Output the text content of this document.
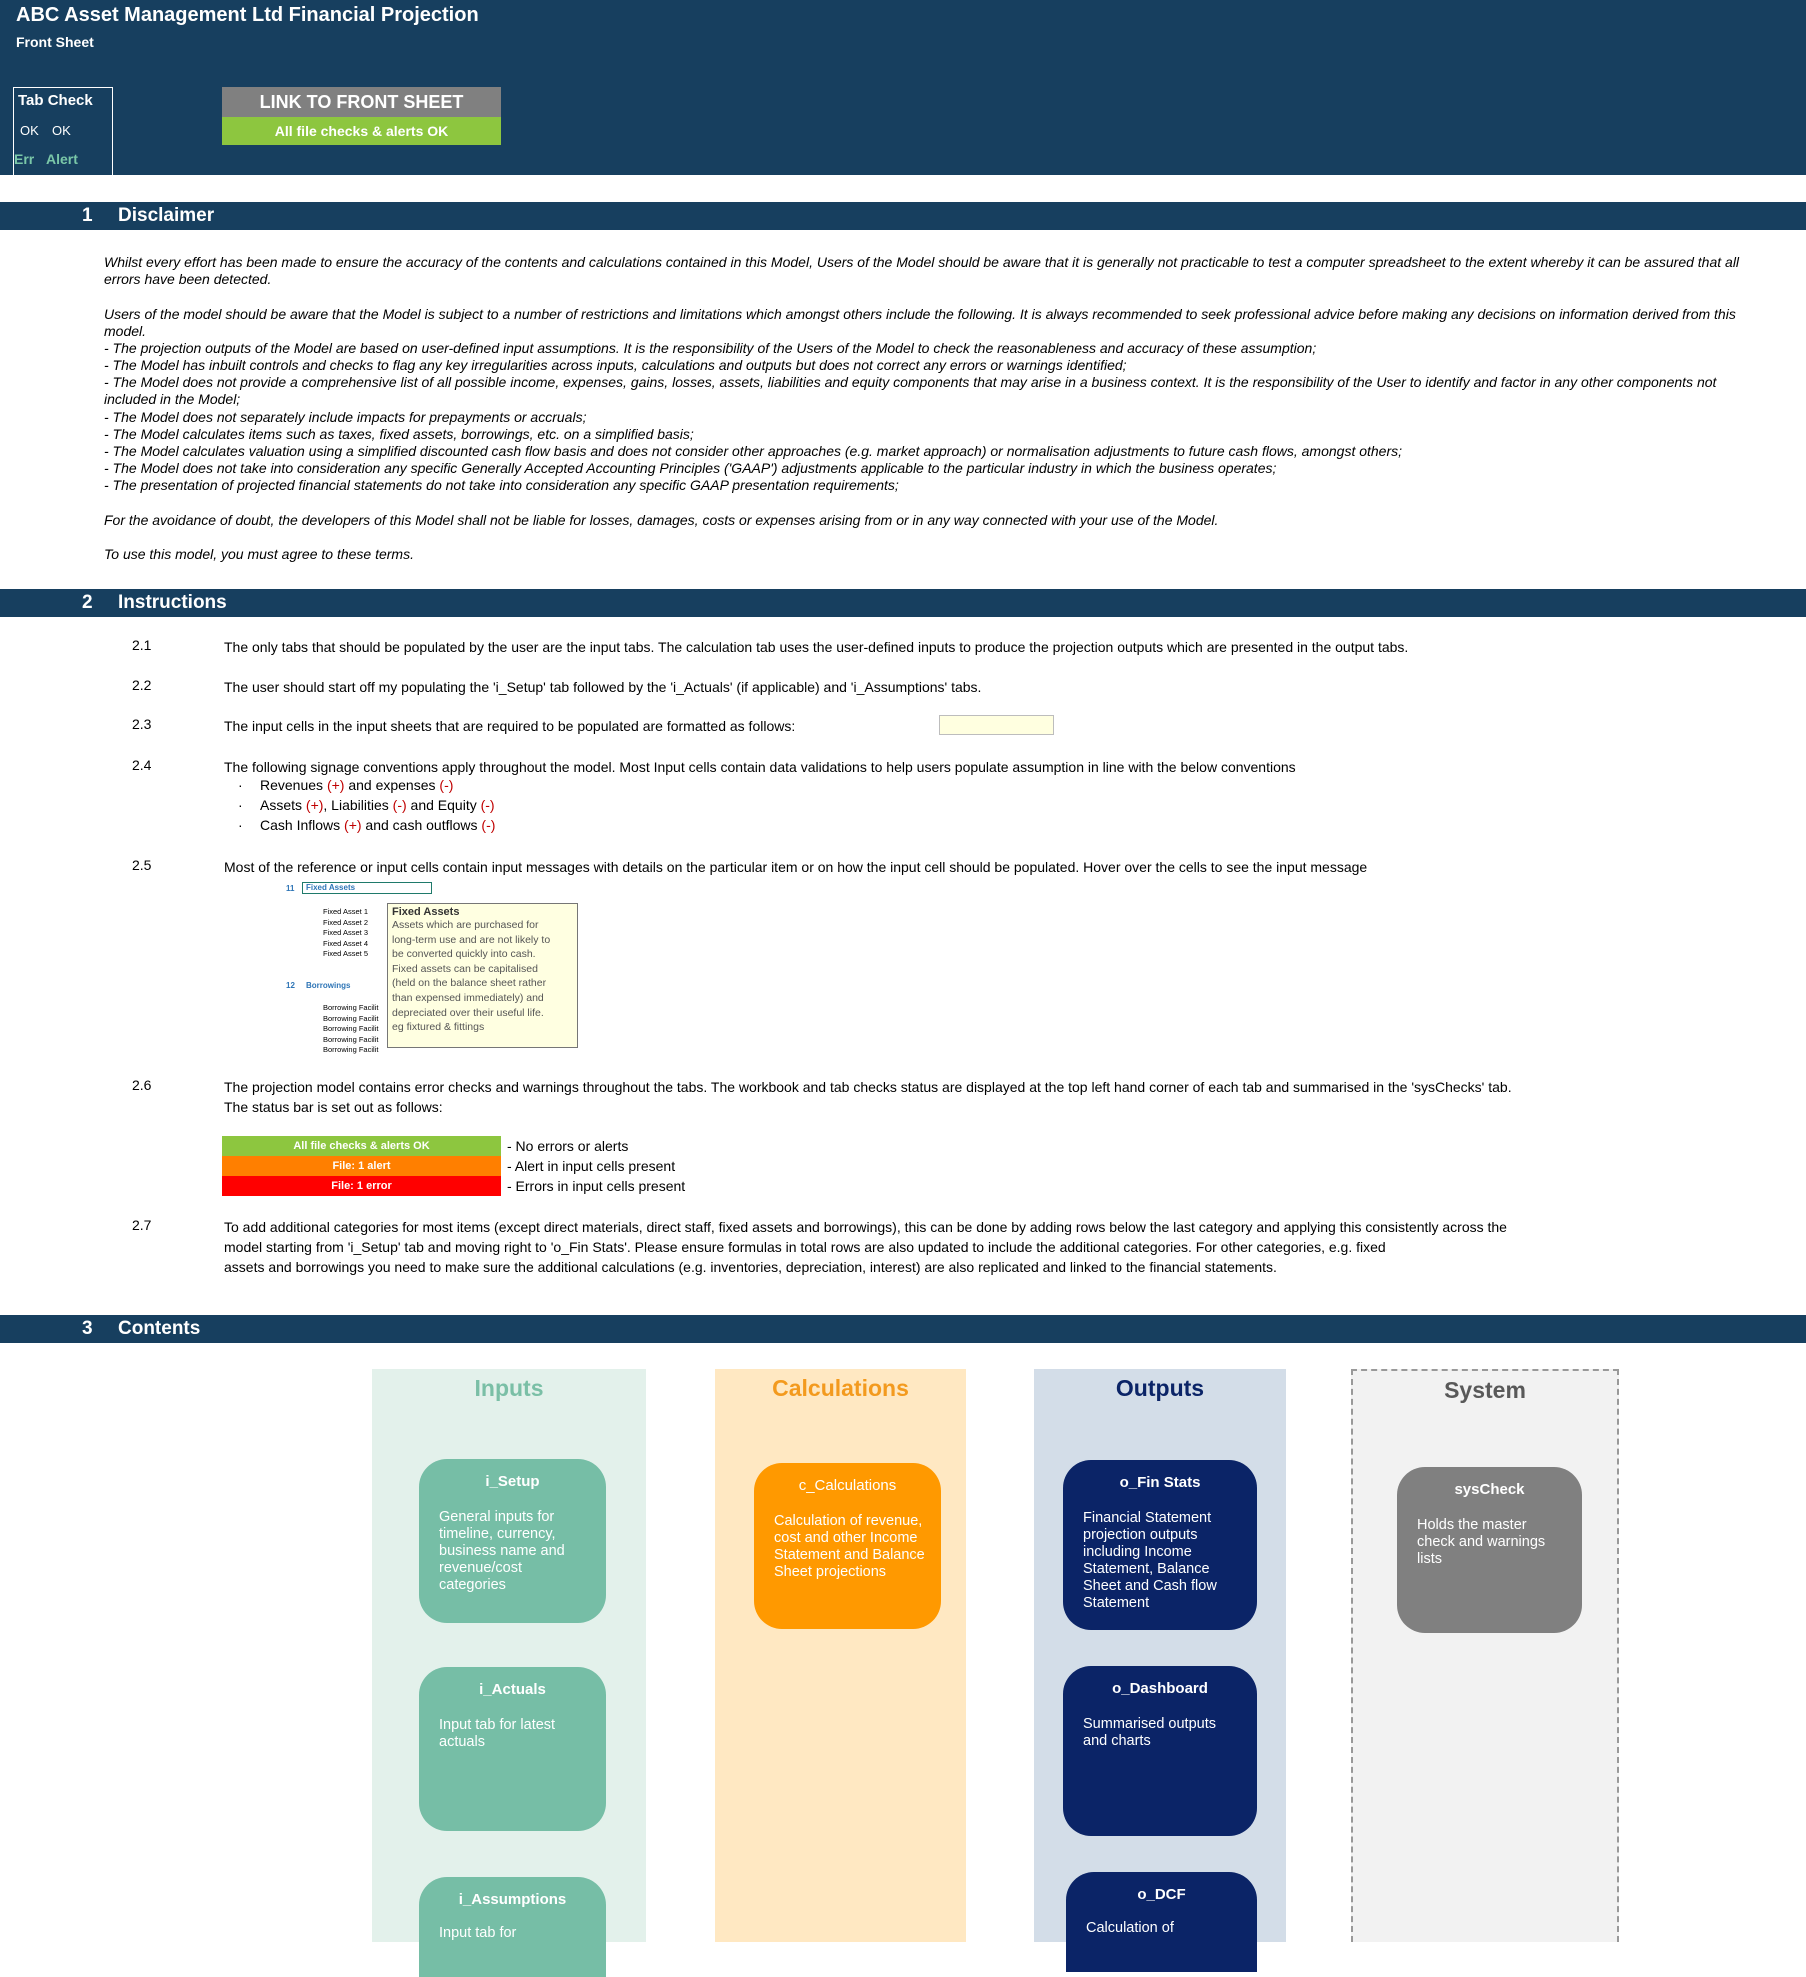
ABC Asset Management Ltd Financial Projection
Front Sheet
Tab Check
OK OK
Err Alert
LINK TO FRONT SHEET
All file checks & alerts OK
1 Disclaimer
Whilst every effort has been made to ensure the accuracy of the contents and calculations contained in this Model, Users of the Model should be aware that it is generally not practicable to test a computer spreadsheet to the extent whereby it can be assured that all errors have been detected.
Users of the model should be aware that the Model is subject to a number of restrictions and limitations which amongst others include the following. It is always recommended to seek professional advice before making any decisions on information derived from this model.
- The projection outputs of the Model are based on user-defined input assumptions. It is the responsibility of the Users of the Model to check the reasonableness and accuracy of these assumption;
- The Model has inbuilt controls and checks to flag any key irregularities across inputs, calculations and outputs but does not correct any errors or warnings identified;
- The Model does not provide a comprehensive list of all possible income, expenses, gains, losses, assets, liabilities and equity components that may arise in a business context. It is the responsibility of the User to identify and factor in any other components not included in the Model;
- The Model does not separately include impacts for prepayments or accruals;
- The Model calculates items such as taxes, fixed assets, borrowings, etc. on a simplified basis;
- The Model calculates valuation using a simplified discounted cash flow basis and does not consider other approaches (e.g. market approach) or normalisation adjustments to future cash flows, amongst others;
- The Model does not take into consideration any specific Generally Accepted Accounting Principles ('GAAP') adjustments applicable to the particular industry in which the business operates;
- The presentation of projected financial statements do not take into consideration any specific GAAP presentation requirements;
For the avoidance of doubt, the developers of this Model shall not be liable for losses, damages, costs or expenses arising from or in any way connected with your use of the Model.
To use this model, you must agree to these terms.
2 Instructions
2.1	The only tabs that should be populated by the user are the input tabs. The calculation tab uses the user-defined inputs to produce the projection outputs which are presented in the output tabs.
2.2	The user should start off my populating the 'i_Setup' tab followed by the 'i_Actuals' (if applicable) and 'i_Assumptions' tabs.
2.3	The input cells in the input sheets that are required to be populated are formatted as follows:
2.4	The following signage conventions apply throughout the model. Most Input cells contain data validations to help users populate assumption in line with the below conventions
· Revenues (+) and expenses (-)
· Assets (+), Liabilities (-) and Equity (-)
· Cash Inflows (+) and cash outflows (-)
2.5	Most of the reference or input cells contain input messages with details on the particular item or on how the input cell should be populated. Hover over the cells to see the input message
11 Fixed Assets
Fixed Asset 1
Fixed Asset 2
Fixed Asset 3
Fixed Asset 4
Fixed Asset 5
12 Borrowings
Borrowing Facilit
Borrowing Facilit
Borrowing Facilit
Borrowing Facilit
Borrowing Facilit
Fixed Assets
Assets which are purchased for
long-term use and are not likely to
be converted quickly into cash.
Fixed assets can be capitalised
(held on the balance sheet rather
than expensed immediately) and
depreciated over their useful life.
eg fixtured & fittings
2.6	The projection model contains error checks and warnings throughout the tabs. The workbook and tab checks status are displayed at the top left hand corner of each tab and summarised in the 'sysChecks' tab.
The status bar is set out as follows:
All file checks & alerts OK	- No errors or alerts
File: 1 alert	- Alert in input cells present
File: 1 error	- Errors in input cells present
2.7	To add additional categories for most items (except direct materials, direct staff, fixed assets and borrowings), this can be done by adding rows below the last category and applying this consistently across the
model starting from 'i_Setup' tab and moving right to 'o_Fin Stats'. Please ensure formulas in total rows are also updated to include the additional categories. For other categories, e.g. fixed
assets and borrowings you need to make sure the additional calculations (e.g. inventories, depreciation, interest) are also replicated and linked to the financial statements.
3 Contents
Inputs
i_Setup
General inputs for timeline, currency, business name and revenue/cost categories
i_Actuals
Input tab for latest actuals
i_Assumptions
Input tab for
Calculations
c_Calculations
Calculation of revenue, cost and other Income Statement and Balance Sheet projections
Outputs
o_Fin Stats
Financial Statement projection outputs including Income Statement, Balance Sheet and Cash flow Statement
o_Dashboard
Summarised outputs and charts
o_DCF
Calculation of
System
sysCheck
Holds the master check and warnings lists
